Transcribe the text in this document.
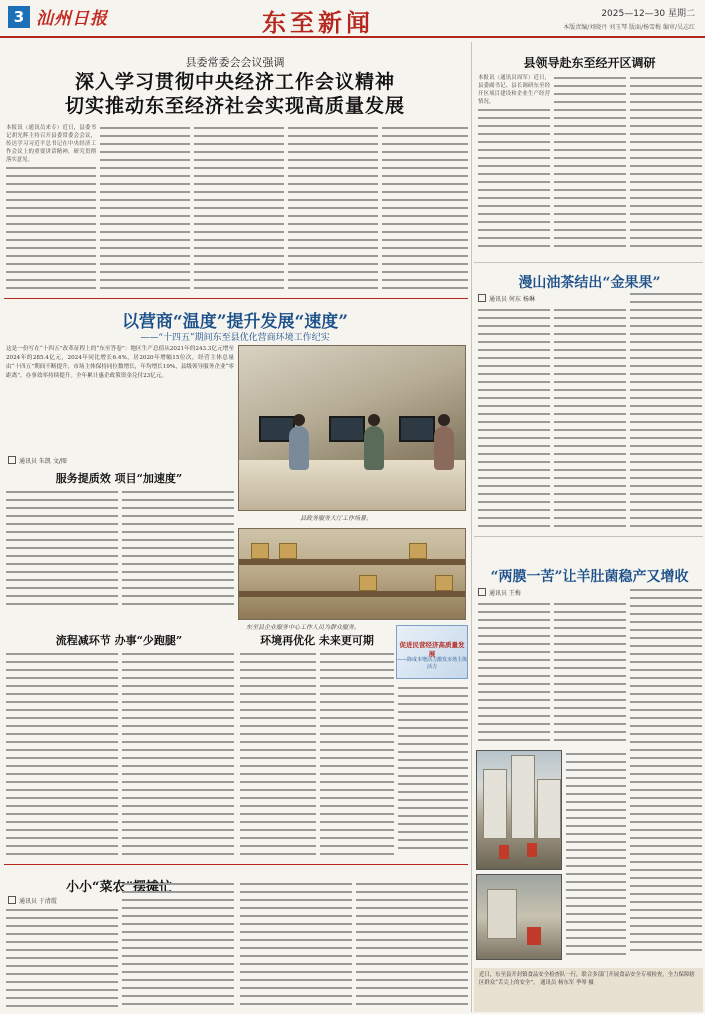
3 汕州日报	东至新闻	2025—12—30 星期二
本版责编/刘晓丹 刘玉琴 版面/杨雪梅 编审/吴志红
县委常委会会议强调
深入学习贯彻中央经济工作会议精神
切实推动东至经济社会实现高质量发展
本报讯（通讯员来专）近日，县委书记胡光辉主持召开县委常委会会议，传达学习习近平总书记在中央经济工作会议上的重要讲话精神，研究贯彻落实意见。
县领导赴东至经开区调研
本报讯（通讯员周军）近日，县委副书记、县长调研东至经开区项目建设和企业生产经营情况。
以营商“温度”提升发展“速度”
——“十四五”期间东至县优化营商环境工作纪实
这是一份写在“十四五”改革征程上的“东至答卷”：地区生产总值从2021年的243.3亿元增至2024年的285.4亿元，2024年同比增长6.4%，居2020年增幅15位次，经营主体总量由“十四五”期间不断提升，市场主体保持同位数增长，年均增长19%，县级领导服务企业“零距离”，办事效率持续提升。全年累计惠企政策资金兑付23亿元。
通讯员 朱凯 文/图
县政务服务大厅工作场景。
服务提质效 项目“加速度”
东至县企业服务中心工作人员为群众服务。
流程减环节 办事“少跑腿”	环境再优化 未来更可期	促进民营经济高质量发展
——降成本增活力激发市场主体活力
小小“菜农”摆摊忙
通讯员 于清霞
漫山油茶结出“金果果”
通讯员 何东 杨琳
“两膜一苦”让羊肚菌稳产又增收
通讯员 王梅
近日，东至县开封镇食品安全检查队一行，联合多部门开展食品安全专项检查，全力保障辖区群众“舌尖上的安全”。 通讯员 杨东军 季琴 摄
